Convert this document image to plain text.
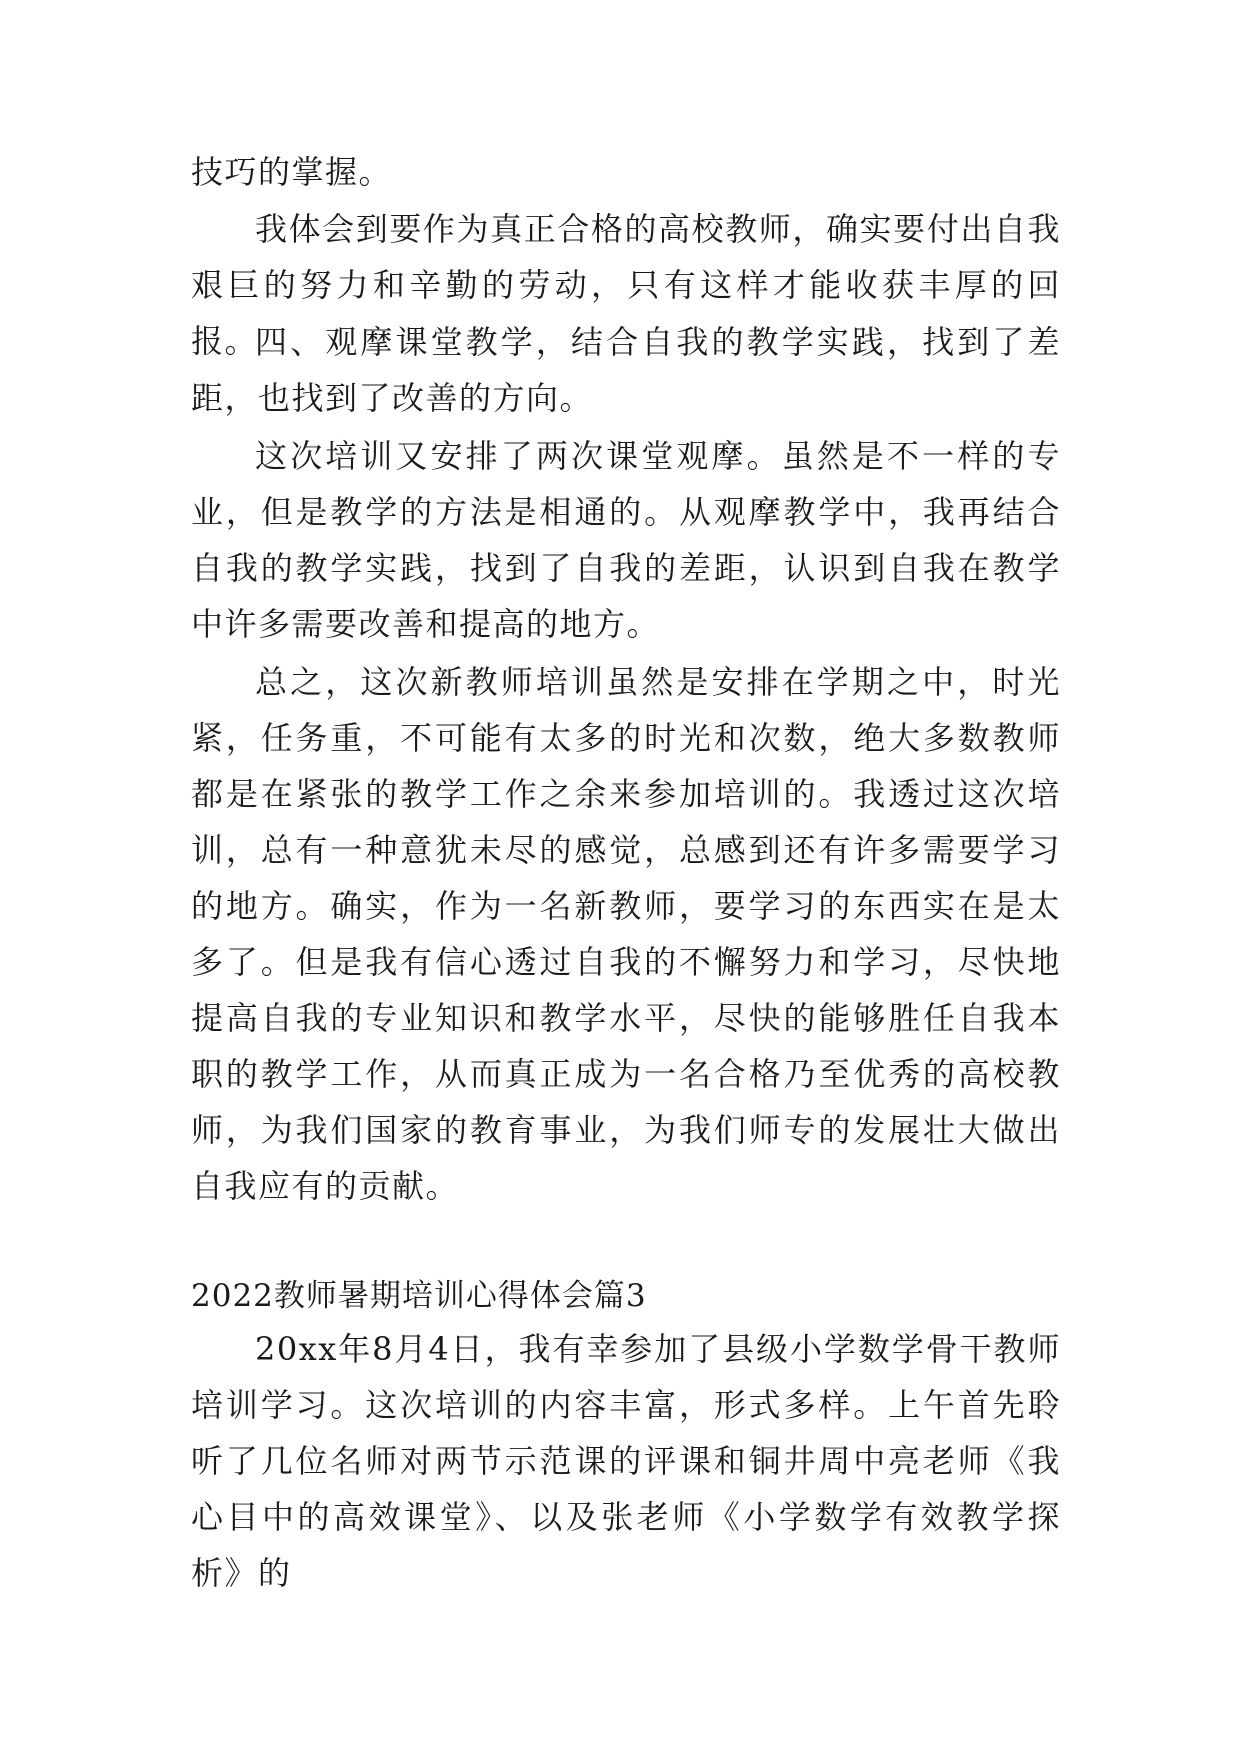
技巧的掌握。

我体会到要作为真正合格的高校教师，确实要付出自我艰巨的努力和辛勤的劳动，只有这样才能收获丰厚的回报。

四、观摩课堂教学，结合自我的教学实践，找到了差距，也找到了改善的方向。

这次培训又安排了两次课堂观摩。虽然是不一样的专业，但是教学的方法是相通的。从观摩教学中，我再结合自我的教学实践，找到了自我的差距，认识到自我在教学中许多需要改善和提高的地方。

总之，这次新教师培训虽然是安排在学期之中，时光紧，任务重，不可能有太多的时光和次数，绝大多数教师都是在紧张的教学工作之余来参加培训的。我透过这次培训，总有一种意犹未尽的感觉，总感到还有许多需要学习的地方。确实，作为一名新教师，要学习的东西实在是太多了。但是我有信心透过自我的不懈努力和学习，尽快地提高自我的专业知识和教学水平，尽快的能够胜任自我本职的教学工作，从而真正成为一名合格乃至优秀的高校教师，为我们国家的教育事业，为我们师专的发展壮大做出自我应有的贡献。

2022教师暑期培训心得体会篇3

20xx年8月4日，我有幸参加了县级小学数学骨干教师培训学习。这次培训的内容丰富，形式多样。上午首先聆听了几位名师对两节示范课的评课和铜井周中亮老师《我心目中的高效课堂》、以及张老师《小学数学有效教学探析》的
